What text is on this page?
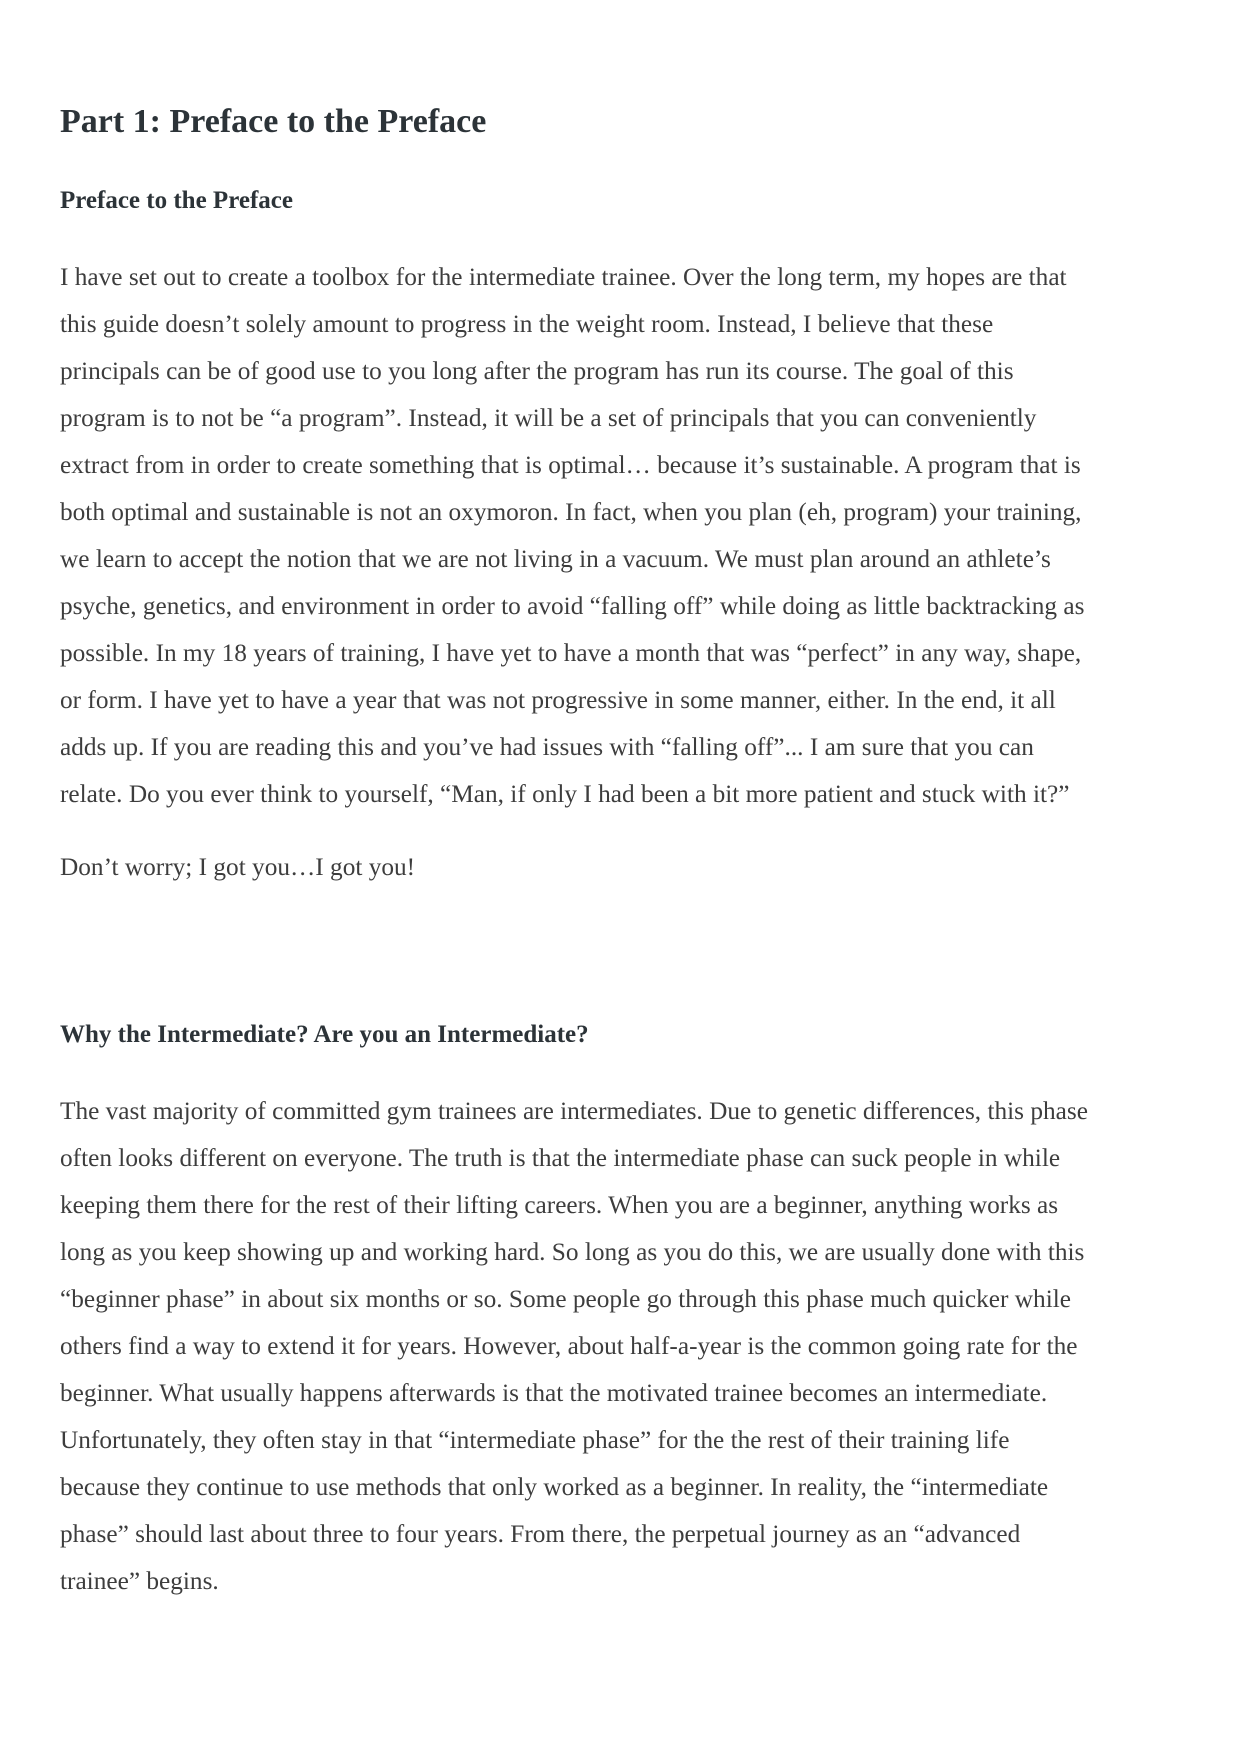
Part 1: Preface to the Preface
Preface to the Preface

I have set out to create a toolbox for the intermediate trainee. Over the long term, my hopes are that
this guide doesn’t solely amount to progress in the weight room. Instead, I believe that these
principals can be of good use to you long after the program has run its course. The goal of this
program is to not be “a program”. Instead, it will be a set of principals that you can conveniently
extract from in order to create something that is optimal… because it’s sustainable. A program that is
both optimal and sustainable is not an oxymoron. In fact, when you plan (eh, program) your training,
we learn to accept the notion that we are not living in a vacuum. We must plan around an athlete’s
psyche, genetics, and environment in order to avoid “falling off” while doing as little backtracking as
possible. In my 18 years of training, I have yet to have a month that was “perfect” in any way, shape,
or form. I have yet to have a year that was not progressive in some manner, either. In the end, it all
adds up. If you are reading this and you’ve had issues with “falling off”... I am sure that you can
relate. Do you ever think to yourself, “Man, if only I had been a bit more patient and stuck with it?”

Don’t worry; I got you…I got you!

Why the Intermediate? Are you an Intermediate?

The vast majority of committed gym trainees are intermediates. Due to genetic differences, this phase
often looks different on everyone. The truth is that the intermediate phase can suck people in while
keeping them there for the rest of their lifting careers. When you are a beginner, anything works as
long as you keep showing up and working hard. So long as you do this, we are usually done with this
“beginner phase” in about six months or so. Some people go through this phase much quicker while
others find a way to extend it for years. However, about half-a-year is the common going rate for the
beginner. What usually happens afterwards is that the motivated trainee becomes an intermediate.
Unfortunately, they often stay in that “intermediate phase” for the the rest of their training life
because they continue to use methods that only worked as a beginner. In reality, the “intermediate
phase” should last about three to four years. From there, the perpetual journey as an “advanced
trainee” begins.
